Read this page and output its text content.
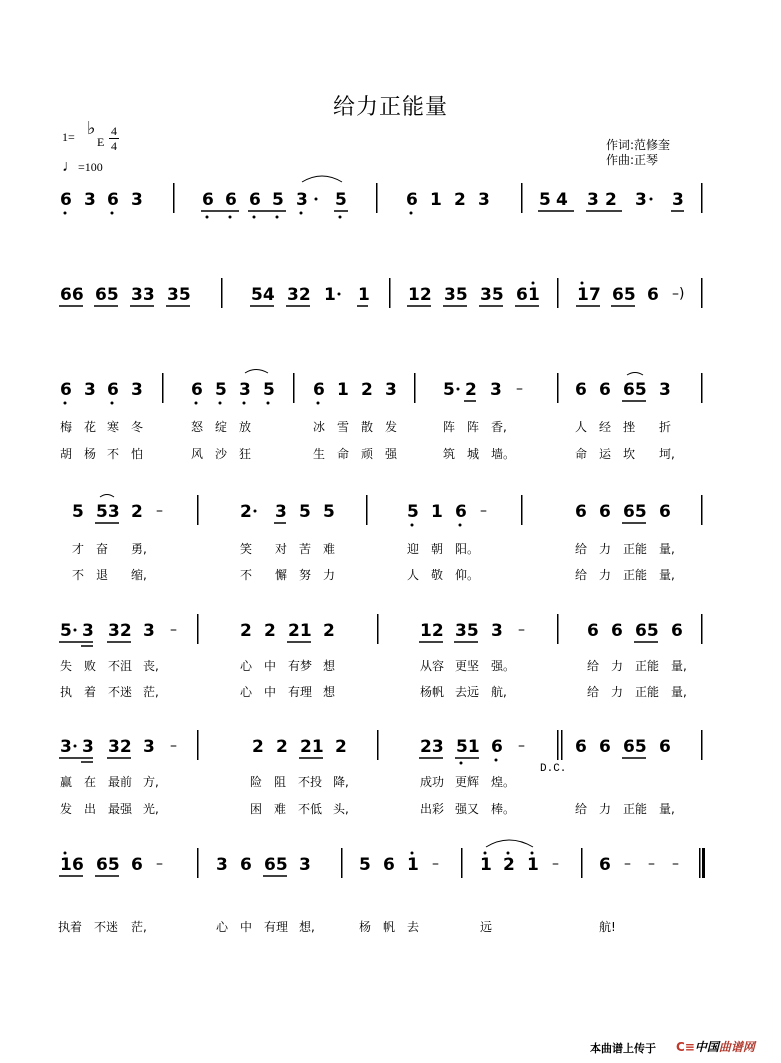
给力正能量
1= ♭
E
4
4
♩=100
作词:范修奎
作曲:正琴
6 3 6 3	6 6 6 5 3 5	6 1 2 3	5 4 3 2 3 3
66 65 33 35	54 32 1 1 12 35 35 6 1 1 7 65 6 –)
6 3 6 3	6 5 3 5 6 1 2 3	5 2 3 –	6 6 65 3
5 53 2 –	2 3 5 5	5 1 6 –	6 6 65 6
5 3 32 3 –	2 2 21 2	12 35 3 –	6 6 65 6
3 3 32 3 –	2 2 21 2	23 51 6 –	6 6 65 6
1 6 65 6 –	3 6 65 3	5 6 1 – 1 2 1 – 6 – – –
梅 花 寒 冬	怒 绽 放	冰 雪 散 发	阵 阵 香,	人 经 挫 折
胡 杨 不 怕	风 沙 狂	生 命 顽 强	筑 城 墙。	命 运 坎 坷,
才 奋 勇,	笑 对 苦 难	迎 朝 阳。	给 力 正能 量,
不 退 缩,	不 懈 努 力	人 敬 仰。	给 力 正能 量,
失 败 不沮 丧,	心 中 有梦 想	从容 更坚 强。	给 力 正能 量,
执 着 不迷 茫,	心 中 有理 想	杨帆 去远 航,	给 力 正能 量,
D.C.
赢 在 最前 方,	险 阻 不投 降,	成功 更辉 煌。
发 出 最强 光,	困 难 不低 头,	出彩 强又 棒。	给 力 正能 量,
执着 不迷 茫,	心 中 有理 想,	杨 帆 去	远	航!
本曲谱上传于 C≡中国曲谱网
